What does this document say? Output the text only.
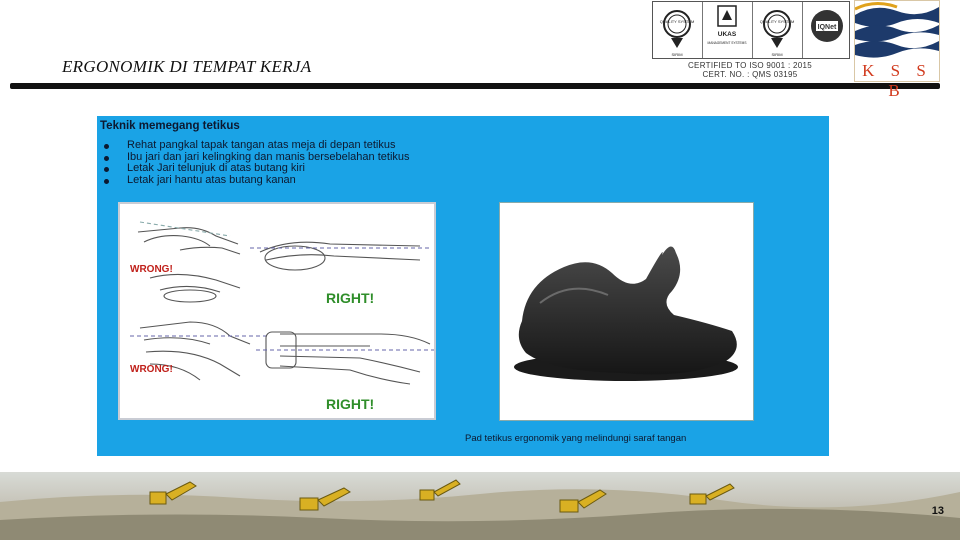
ERGONOMIK DI TEMPAT KERJA
QUALITY SYSTEM
SIRIM
UKAS
MANAGEMENT SYSTEMS
QUALITY SYSTEM
SIRIM
IQNet
CERTIFIED TO ISO 9001 : 2015
CERT. NO. : QMS 03195	K S S B
Teknik memegang tetikus
Rehat pangkal tapak tangan atas meja di depan tetikus
Ibu jari dan jari kelingking dan manis bersebelahan tetikus
Letak Jari telunjuk di atas butang kiri
Letak jari hantu atas butang kanan
WRONG!
RIGHT!
WRONG!
RIGHT!
Pad tetikus ergonomik yang melindungi saraf tangan
13
